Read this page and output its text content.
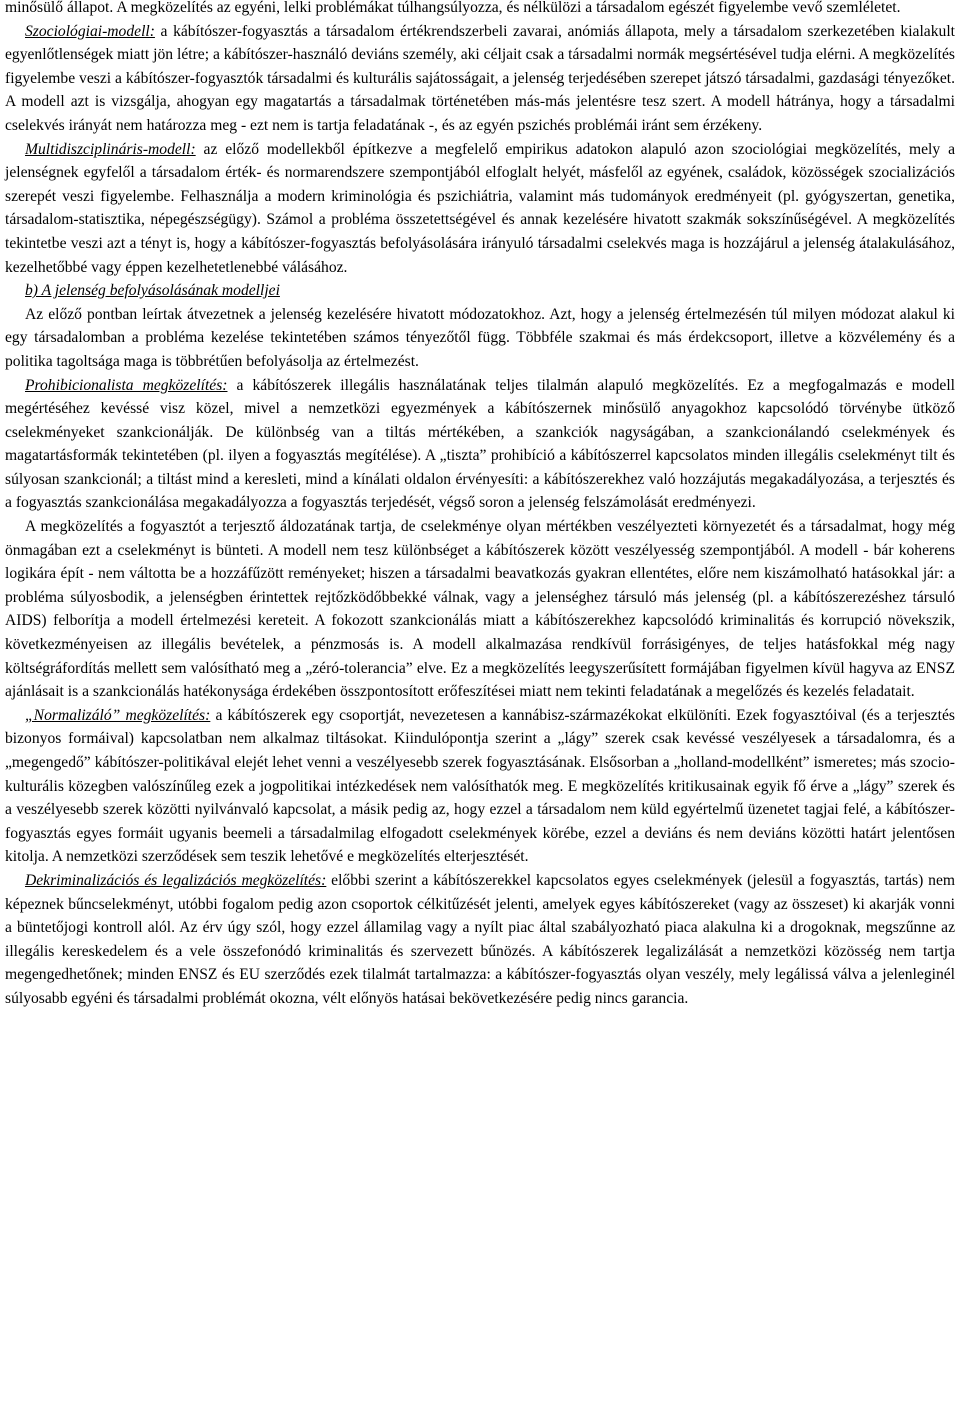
minősülő állapot. A megközelítés az egyéni, lelki problémákat túlhangsúlyozza, és nélkülözi a társadalom egészét figyelembe vevő szemléletet.

Szociológiai-modell: a kábítószer-fogyasztás a társadalom értékrendszerbeli zavarai, anómiás állapota, mely a társadalom szerkezetében kialakult egyenlőtlenségek miatt jön létre; a kábítószer-használó deviáns személy, aki céljait csak a társadalmi normák megsértésével tudja elérni. A megközelítés figyelembe veszi a kábítószer-fogyasztók társadalmi és kulturális sajátosságait, a jelenség terjedésében szerepet játszó társadalmi, gazdasági tényezőket. A modell azt is vizsgálja, ahogyan egy magatartás a társadalmak történetében más-más jelentésre tesz szert. A modell hátránya, hogy a társadalmi cselekvés irányát nem határozza meg - ezt nem is tartja feladatának -, és az egyén pszichés problémái iránt sem érzékeny.

Multidiszciplináris-modell: az előző modellekből építkezve a megfelelő empirikus adatokon alapuló azon szociológiai megközelítés, mely a jelenségnek egyfelől a társadalom érték- és normarendszere szempontjából elfoglalt helyét, másfelől az egyének, családok, közösségek szocializációs szerepét veszi figyelembe. Felhasználja a modern kriminológia és pszichiátria, valamint más tudományok eredményeit (pl. gyógyszertan, genetika, társadalom-statisztika, népegészségügy). Számol a probléma összetettségével és annak kezelésére hivatott szakmák sokszínűségével. A megközelítés tekintetbe veszi azt a tényt is, hogy a kábítószer-fogyasztás befolyásolására irányuló társadalmi cselekvés maga is hozzájárul a jelenség átalakulásához, kezelhetőbbé vagy éppen kezelhetetlenebbé válásához.

b) A jelenség befolyásolásának modelljei

Az előző pontban leírtak átvezetnek a jelenség kezelésére hivatott módozatokhoz. Azt, hogy a jelenség értelmezésén túl milyen módozat alakul ki egy társadalomban a probléma kezelése tekintetében számos tényezőtől függ. Többféle szakmai és más érdekcsoport, illetve a közvélemény és a politika tagoltsága maga is többrétűen befolyásolja az értelmezést.

Prohibicionalista megközelítés: a kábítószerek illegális használatának teljes tilalmán alapuló megközelítés. Ez a megfogalmazás e modell megértéséhez kevéssé visz közel, mivel a nemzetközi egyezmények a kábítószernek minősülő anyagokhoz kapcsolódó törvénybe ütköző cselekményeket szankcionálják. De különbség van a tiltás mértékében, a szankciók nagyságában, a szankcionálandó cselekmények és magatartásformák tekintetében (pl. ilyen a fogyasztás megítélése). A „tiszta” prohibíció a kábítószerrel kapcsolatos minden illegális cselekményt tilt és súlyosan szankcionál; a tiltást mind a keresleti, mind a kínálati oldalon érvényesíti: a kábítószerekhez való hozzájutás megakadályozása, a terjesztés és a fogyasztás szankcionálása megakadályozza a fogyasztás terjedését, végső soron a jelenség felszámolását eredményezi.

A megközelítés a fogyasztót a terjesztő áldozatának tartja, de cselekménye olyan mértékben veszélyezteti környezetét és a társadalmat, hogy még önmagában ezt a cselekményt is bünteti. A modell nem tesz különbséget a kábítószerek között veszélyesség szempontjából. A modell - bár koherens logikára épít - nem váltotta be a hozzáfűzött reményeket; hiszen a társadalmi beavatkozás gyakran ellentétes, előre nem kiszámolható hatásokkal jár: a probléma súlyosbodik, a jelenségben érintettek rejtőzködőbbekké válnak, vagy a jelenséghez társuló más jelenség (pl. a kábítószerezéshez társuló AIDS) felborítja a modell értelmezési kereteit. A fokozott szankcionálás miatt a kábítószerekhez kapcsolódó kriminalitás és korrupció növekszik, következményeisen az illegális bevételek, a pénzmosás is. A modell alkalmazása rendkívül forrásigényes, de teljes hatásfokkal még nagy költségráfordítás mellett sem valósítható meg a „zéró-tolerancia” elve. Ez a megközelítés leegyszerűsített formájában figyelmen kívül hagyva az ENSZ ajánlásait is a szankcionálás hatékonysága érdekében összpontosított erőfeszítései miatt nem tekinti feladatának a megelőzés és kezelés feladatait.

„Normalizáló” megközelítés: a kábítószerek egy csoportját, nevezetesen a kannábisz-származékokat elkülöníti. Ezek fogyasztóival (és a terjesztés bizonyos formáival) kapcsolatban nem alkalmaz tiltásokat. Kiindulópontja szerint a „lágy” szerek csak kevéssé veszélyesek a társadalomra, és a „megengedő” kábítószer-politikával elejét lehet venni a veszélyesebb szerek fogyasztásának. Elsősorban a „holland-modellként” ismeretes; más szocio-kulturális közegben valószínűleg ezek a jogpolitikai intézkedések nem valósíthatók meg. E megközelítés kritikusainak egyik fő érve a „lágy” szerek és a veszélyesebb szerek közötti nyilvánvaló kapcsolat, a másik pedig az, hogy ezzel a társadalom nem küld egyértelmű üzenetet tagjai felé, a kábítószer-fogyasztás egyes formáit ugyanis beemeli a társadalmilag elfogadott cselekmények körébe, ezzel a deviáns és nem deviáns közötti határt jelentősen kitolja. A nemzetközi szerződések sem teszik lehetővé e megközelítés elterjesztését.

Dekriminalizációs és legalizációs megközelítés: előbbi szerint a kábítószerekkel kapcsolatos egyes cselekmények (jelesül a fogyasztás, tartás) nem képeznek bűncselekményt, utóbbi fogalom pedig azon csoportok célkitűzését jelenti, amelyek egyes kábítószereket (vagy az összeset) ki akarják vonni a büntetőjogi kontroll alól. Az érv úgy szól, hogy ezzel államilag vagy a nyílt piac által szabályozható piaca alakulna ki a drogoknak, megszűnne az illegális kereskedelem és a vele összefonódó kriminalitás és szervezett bűnözés. A kábítószerek legalizálását a nemzetközi közösség nem tartja megengedhetőnek; minden ENSZ és EU szerződés ezek tilalmát tartalmazza: a kábítószer-fogyasztás olyan veszély, mely legálissá válva a jelenleginél súlyosabb egyéni és társadalmi problémát okozna, vélt előnyös hatásai bekövetkezésére pedig nincs garancia.
